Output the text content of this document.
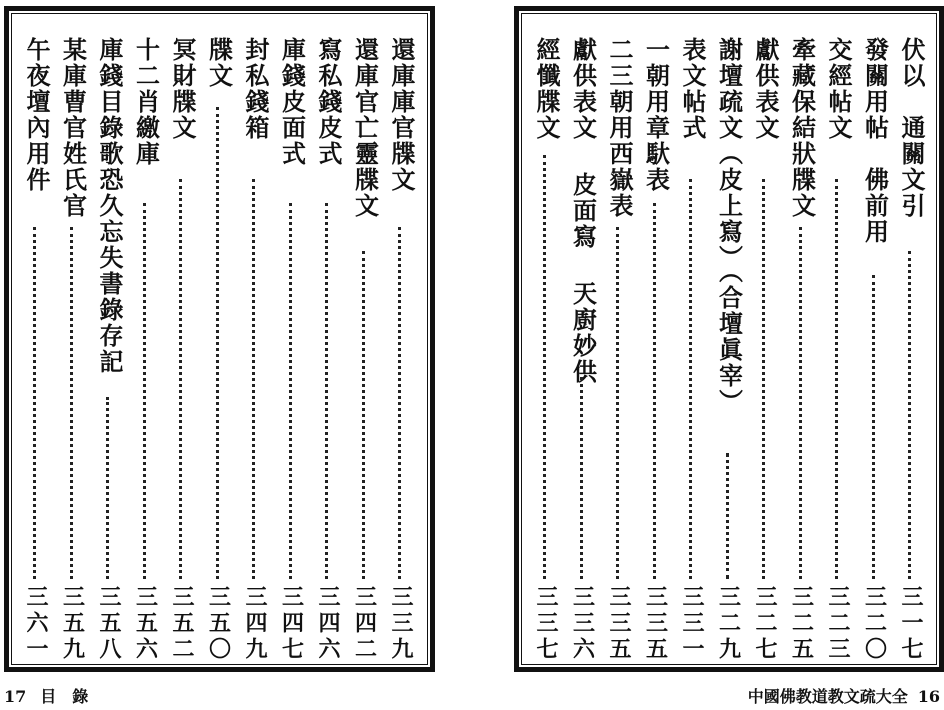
還庫庫官牒文
三三九
還庫官亡靈牒文
三四二
寫私錢皮式
三四六
庫錢皮面式
三四七
封私錢箱
三四九
牒文
三五〇
冥財牒文
三五二
十二肖繳庫
三五六
庫錢目錄歌恐久忘失書錄存記
三五八
某庫曹官姓氏官
三五九
午夜壇內用件
三六一
伏以　通關文引
三一七
發關用帖　佛前用
三二〇
交經帖文
三二三
牽藏保結狀牒文
三二五
獻供表文
三二七
謝壇疏文（皮上寫）（合壇眞宰）
三二九
表文帖式
三三一
一朝用章馱表
三三五
二三朝用西嶽表
三三五
獻供表文 皮面寫 天廚妙供
三三六
經懺牒文
三三七
17 目　錄	中國佛教道教文疏大全 16
